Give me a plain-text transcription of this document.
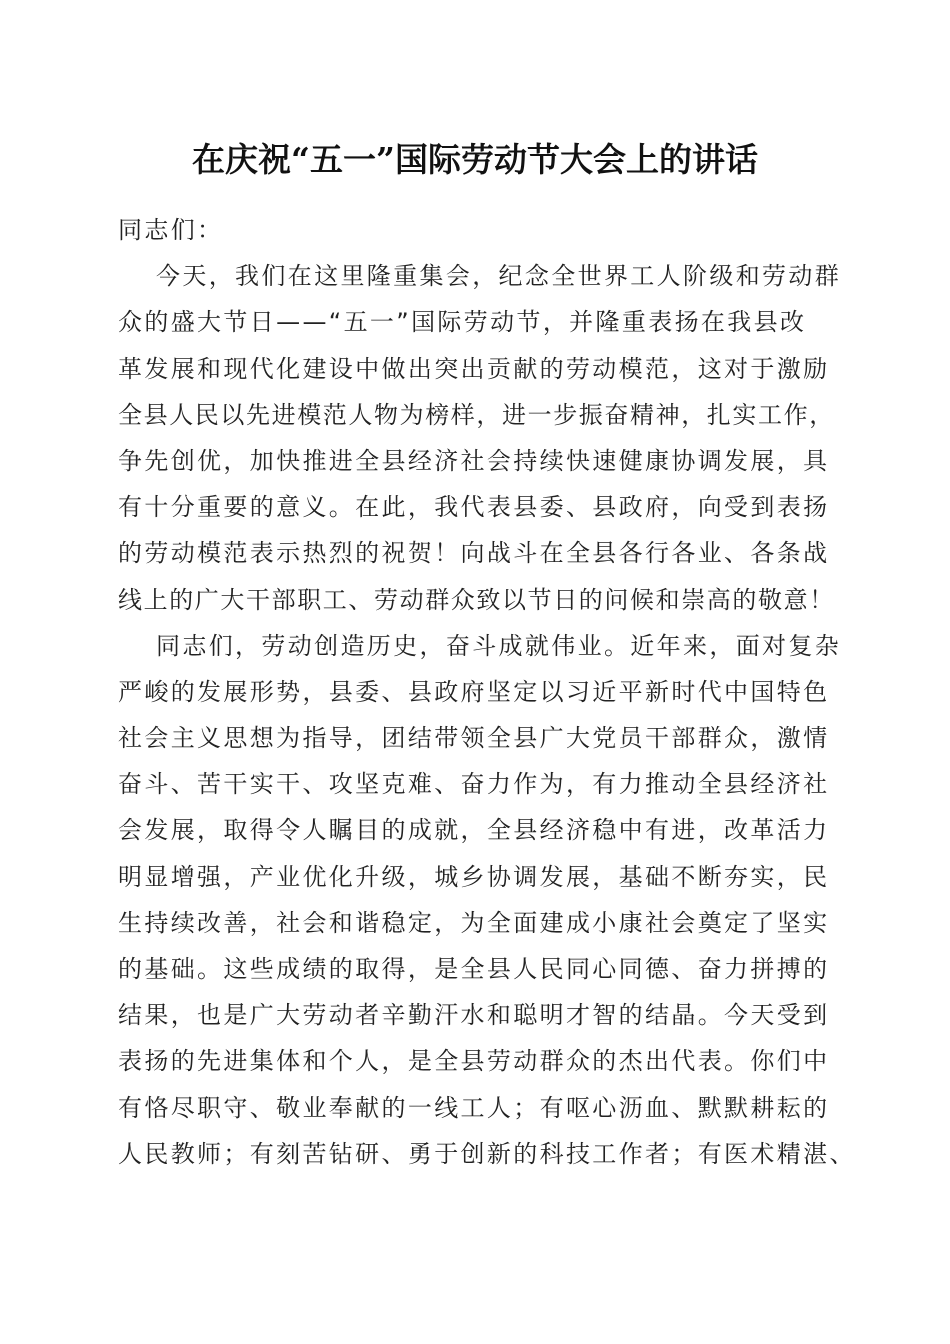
在庆祝“五一”国际劳动节大会上的讲话
同志们：
今天，我们在这里隆重集会，纪念全世界工人阶级和劳动群
众的盛大节日——“五一”国际劳动节，并隆重表扬在我县改
革发展和现代化建设中做出突出贡献的劳动模范，这对于激励
全县人民以先进模范人物为榜样，进一步振奋精神，扎实工作，
争先创优，加快推进全县经济社会持续快速健康协调发展，具
有十分重要的意义。在此，我代表县委、县政府，向受到表扬
的劳动模范表示热烈的祝贺！向战斗在全县各行各业、各条战
线上的广大干部职工、劳动群众致以节日的问候和崇高的敬意！
同志们，劳动创造历史，奋斗成就伟业。近年来，面对复杂
严峻的发展形势，县委、县政府坚定以习近平新时代中国特色
社会主义思想为指导，团结带领全县广大党员干部群众，激情
奋斗、苦干实干、攻坚克难、奋力作为，有力推动全县经济社
会发展，取得令人瞩目的成就，全县经济稳中有进，改革活力
明显增强，产业优化升级，城乡协调发展，基础不断夯实，民
生持续改善，社会和谐稳定，为全面建成小康社会奠定了坚实
的基础。这些成绩的取得，是全县人民同心同德、奋力拼搏的
结果，也是广大劳动者辛勤汗水和聪明才智的结晶。今天受到
表扬的先进集体和个人，是全县劳动群众的杰出代表。你们中
有恪尽职守、敬业奉献的一线工人；有呕心沥血、默默耕耘的
人民教师；有刻苦钻研、勇于创新的科技工作者；有医术精湛、
